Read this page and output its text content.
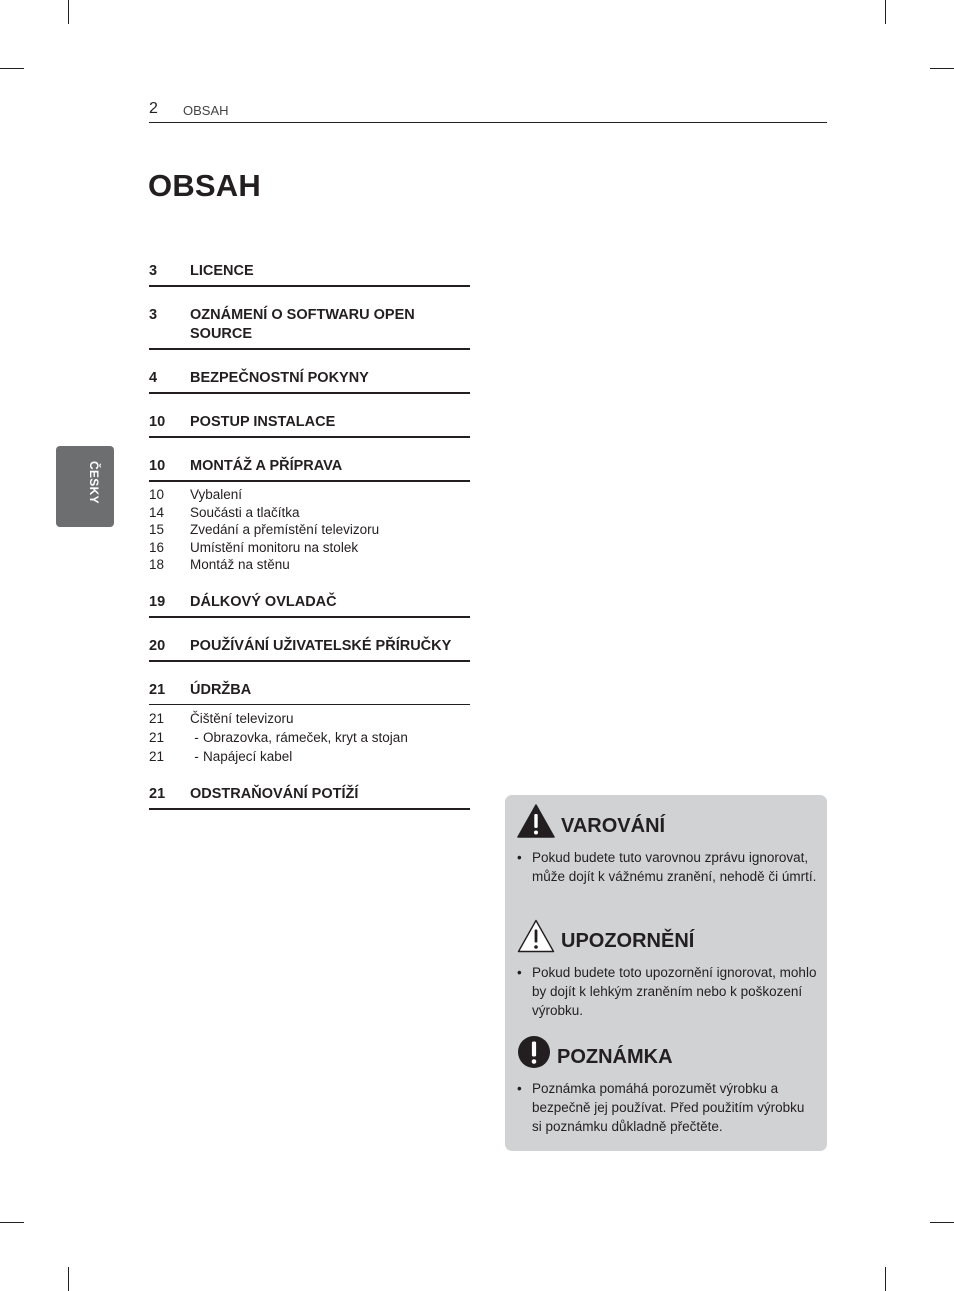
2 OBSAH
OBSAH
ČESKY
3	LICENCE
3	OZNÁMENÍ O SOFTWARU OPEN SOURCE
4	BEZPEČNOSTNÍ POKYNY
10	POSTUP INSTALACE
10	MONTÁŽ A PŘÍPRAVA
10	Vybalení
14	Součásti a tlačítka
15	Zvedání a přemístění televizoru
16	Umístění monitoru na stolek
18	Montáž na stěnu
19	DÁLKOVÝ OVLADAČ
20	POUŽÍVÁNÍ UŽIVATELSKÉ PŘÍRUČKY
21	ÚDRŽBA
21	Čištění televizoru
21	- Obrazovka, rámeček, kryt a stojan
21	- Napájecí kabel
21	ODSTRAŇOVÁNÍ POTÍŽÍ
VAROVÁNÍ
• Pokud budete tuto varovnou zprávu ignorovat, může dojít k vážnému zranění, nehodě či úmrtí.
UPOZORNĚNÍ
• Pokud budete toto upozornění ignorovat, mohlo by dojít k lehkým zraněním nebo k poškození výrobku.
POZNÁMKA
• Poznámka pomáhá porozumět výrobku a bezpečně jej používat. Před použitím výrobku si poznámku důkladně přečtěte.
